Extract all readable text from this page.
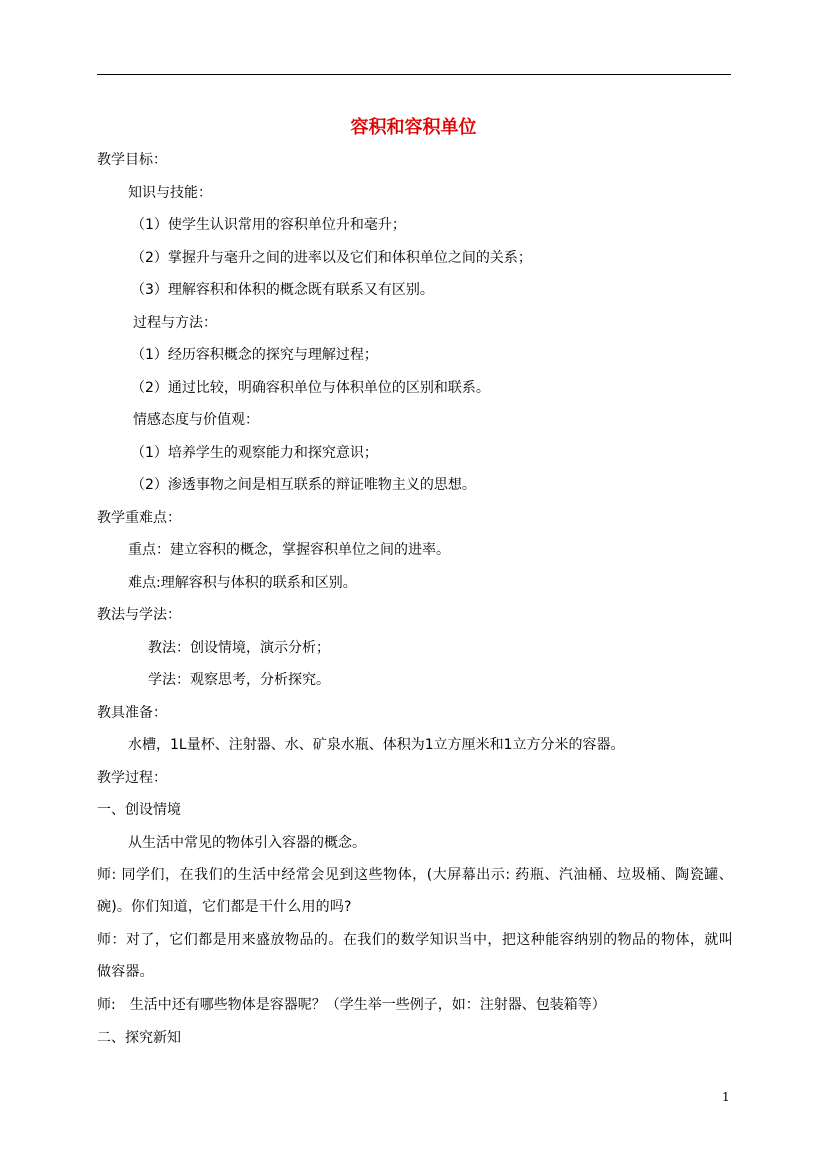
容积和容积单位
教学目标：
知识与技能：
（1）使学生认识常用的容积单位升和毫升；
（2）掌握升与毫升之间的进率以及它们和体积单位之间的关系；
（3）理解容积和体积的概念既有联系又有区别。
过程与方法：
（1）经历容积概念的探究与理解过程；
（2）通过比较，明确容积单位与体积单位的区别和联系。
情感态度与价值观：
（1）培养学生的观察能力和探究意识；
（2）渗透事物之间是相互联系的辩证唯物主义的思想。
教学重难点：
重点：建立容积的概念，掌握容积单位之间的进率。
难点:理解容积与体积的联系和区别。
教法与学法：
教法：创设情境，演示分析；
学法：观察思考，分析探究。
教具准备：
水槽，1L量杯、注射器、水、矿泉水瓶、体积为1立方厘米和1立方分米的容器。
教学过程：
一、创设情境
从生活中常见的物体引入容器的概念。
师: 同学们，在我们的生活中经常会见到这些物体，(大屏幕出示: 药瓶、汽油桶、垃圾桶、陶瓷罐、碗)。你们知道，它们都是干什么用的吗?
师：对了，它们都是用来盛放物品的。在我们的数学知识当中，把这种能容纳别的物品的物体，就叫做容器。
师:　生活中还有哪些物体是容器呢？（学生举一些例子，如：注射器、包装箱等）
二、探究新知
1
